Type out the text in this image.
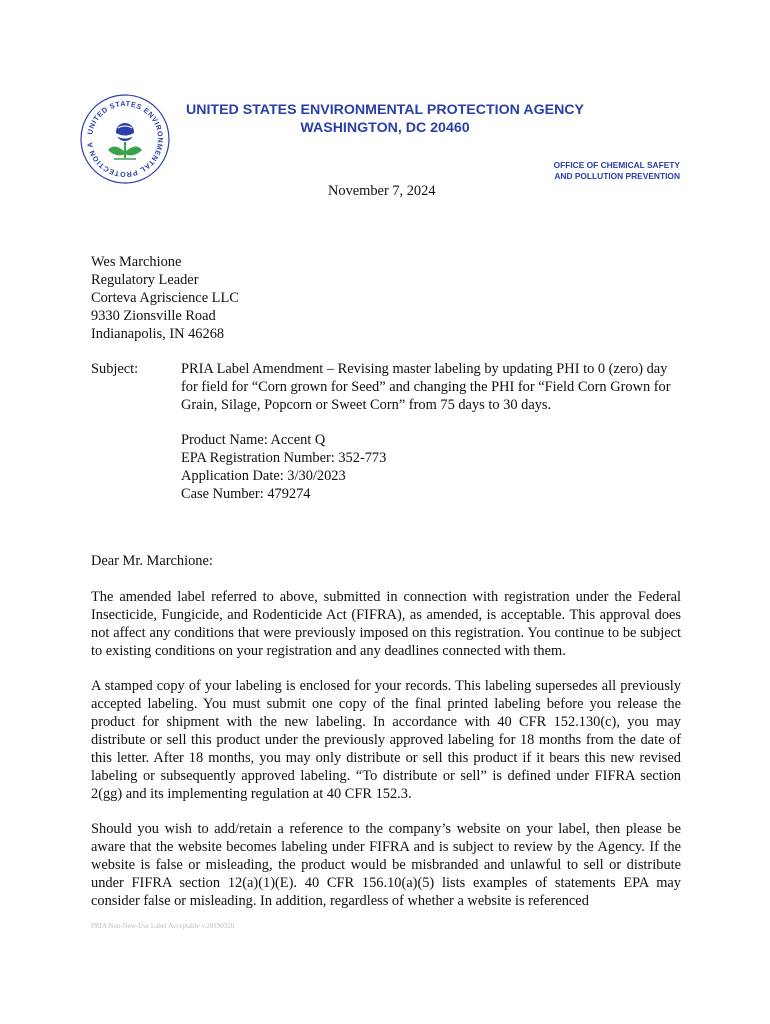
UNITED STATES ENVIRONMENTAL PROTECTION A
UNITED STATES ENVIRONMENTAL PROTECTION AGENCY
WASHINGTON, DC 20460
OFFICE OF CHEMICAL SAFETY
AND POLLUTION PREVENTION
November 7, 2024
Wes Marchione
Regulatory Leader
Corteva Agriscience LLC
9330 Zionsville Road
Indianapolis, IN 46268
Subject:	PRIA Label Amendment – Revising master labeling by updating PHI to 0 (zero) day for field for “Corn grown for Seed” and changing the PHI for “Field Corn Grown for Grain, Silage, Popcorn or Sweet Corn” from 75 days to 30 days.
Product Name: Accent Q
EPA Registration Number: 352-773
Application Date: 3/30/2023
Case Number: 479274
Dear Mr. Marchione:
The amended label referred to above, submitted in connection with registration under the Federal Insecticide, Fungicide, and Rodenticide Act (FIFRA), as amended, is acceptable. This approval does not affect any conditions that were previously imposed on this registration. You continue to be subject to existing conditions on your registration and any deadlines connected with them.
A stamped copy of your labeling is enclosed for your records. This labeling supersedes all previously accepted labeling. You must submit one copy of the final printed labeling before you release the product for shipment with the new labeling. In accordance with 40 CFR 152.130(c), you may distribute or sell this product under the previously approved labeling for 18 months from the date of this letter. After 18 months, you may only distribute or sell this product if it bears this new revised labeling or subsequently approved labeling. “To distribute or sell” is defined under FIFRA section 2(gg) and its implementing regulation at 40 CFR 152.3.
Should you wish to add/retain a reference to the company’s website on your label, then please be aware that the website becomes labeling under FIFRA and is subject to review by the Agency. If the website is false or misleading, the product would be misbranded and unlawful to sell or distribute under FIFRA section 12(a)(1)(E). 40 CFR 156.10(a)(5) lists examples of statements EPA may consider false or misleading. In addition, regardless of whether a website is referenced
PRIA Non-New-Use Label Acceptable v.20190320
